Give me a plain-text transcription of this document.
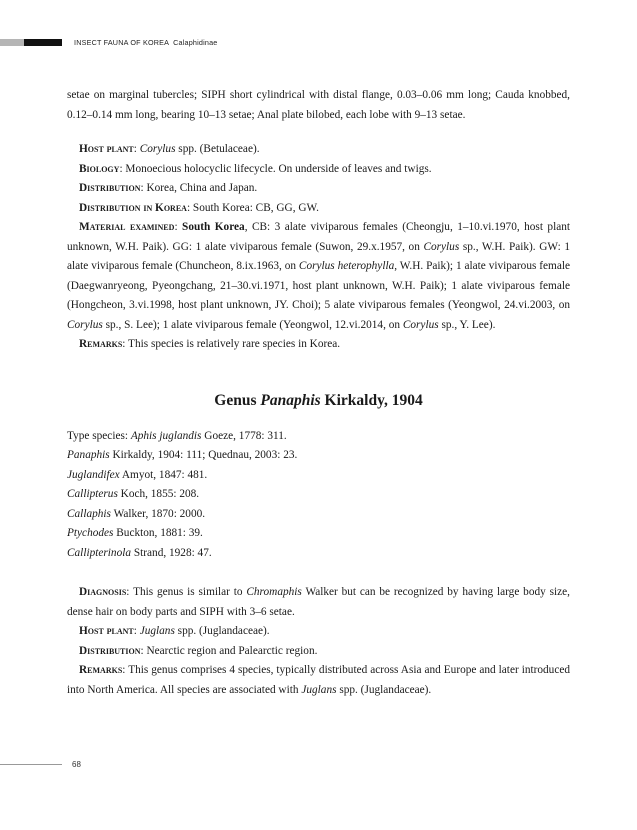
INSECT FAUNA OF KOREA Calaphidinae

setae on marginal tubercles; SIPH short cylindrical with distal flange, 0.03–0.06 mm long; Cauda knobbed, 0.12–0.14 mm long, bearing 10–13 setae; Anal plate bilobed, each lobe with 9–13 setae.

Host plant: Corylus spp. (Betulaceae).

Biology: Monoecious holocyclic lifecycle. On underside of leaves and twigs.

Distribution: Korea, China and Japan.

Distribution in Korea: South Korea: CB, GG, GW.

Material examined: South Korea, CB: 3 alate viviparous females (Cheongju, 1–10.vi.1970, host plant unknown, W.H. Paik). GG: 1 alate viviparous female (Suwon, 29.x.1957, on Corylus sp., W.H. Paik). GW: 1 alate viviparous female (Chuncheon, 8.ix.1963, on Corylus heterophylla, W.H. Paik); 1 alate viviparous female (Daegwanryeong, Pyeongchang, 21–30.vi.1971, host plant unknown, W.H. Paik); 1 alate viviparous female (Hongcheon, 3.vi.1998, host plant unknown, JY. Choi); 5 alate viviparous females (Yeongwol, 24.vi.2003, on Corylus sp., S. Lee); 1 alate viviparous female (Yeongwol, 12.vi.2014, on Corylus sp., Y. Lee).

Remarks: This species is relatively rare species in Korea.

Genus Panaphis Kirkaldy, 1904

Type species: Aphis juglandis Goeze, 1778: 311.

Panaphis Kirkaldy, 1904: 111; Quednau, 2003: 23.

Juglandifex Amyot, 1847: 481.

Callipterus Koch, 1855: 208.

Callaphis Walker, 1870: 2000.

Ptychodes Buckton, 1881: 39.

Callipterinola Strand, 1928: 47.

Diagnosis: This genus is similar to Chromaphis Walker but can be recognized by having large body size, dense hair on body parts and SIPH with 3–6 setae.

Host plant: Juglans spp. (Juglandaceae).

Distribution: Nearctic region and Palearctic region.

Remarks: This genus comprises 4 species, typically distributed across Asia and Europe and later introduced into North America. All species are associated with Juglans spp. (Juglandaceae).

68
